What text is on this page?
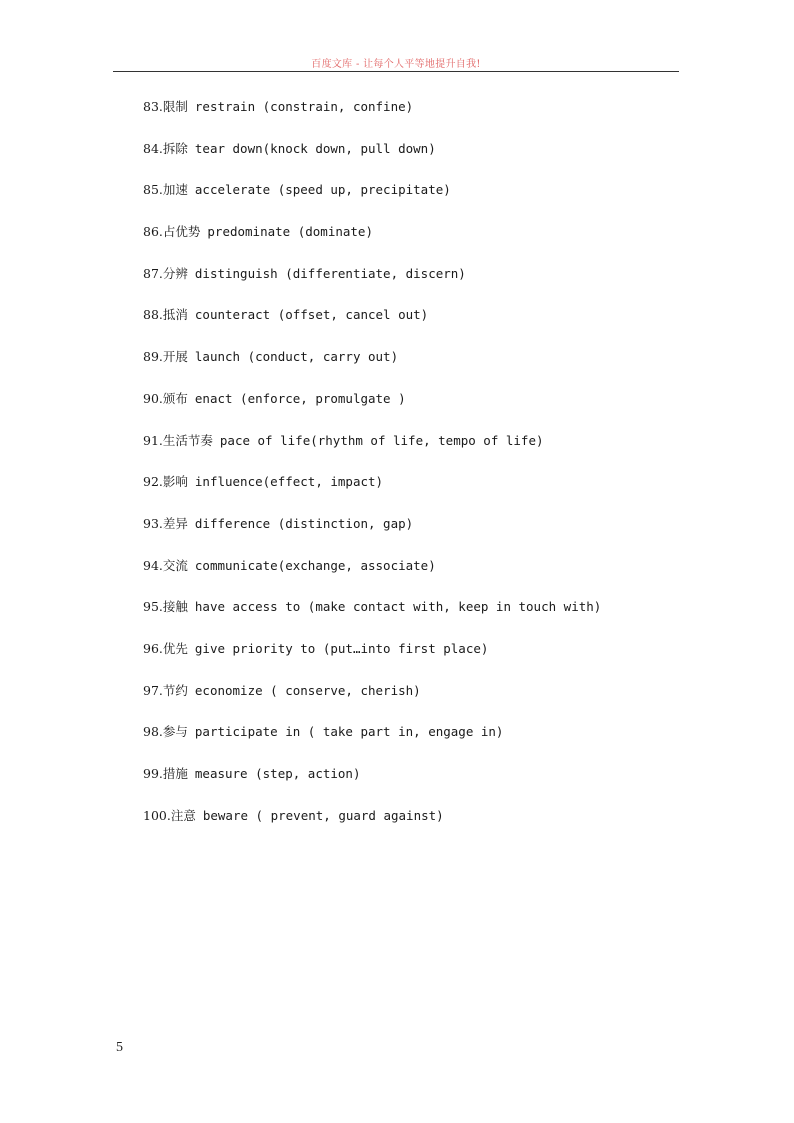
百度文库 - 让每个人平等地提升自我!
83.限制 restrain (constrain, confine)
84.拆除 tear down(knock down, pull down)
85.加速 accelerate (speed up, precipitate)
86.占优势 predominate (dominate)
87.分辨 distinguish (differentiate, discern)
88.抵消 counteract (offset, cancel out)
89.开展 launch (conduct, carry out)
90.颁布 enact (enforce, promulgate )
91.生活节奏 pace of life(rhythm of life, tempo of life)
92.影响 influence(effect, impact)
93.差异 difference (distinction, gap)
94.交流 communicate(exchange, associate)
95.接触 have access to (make contact with, keep in touch with)
96.优先 give priority to (put…into first place)
97.节约 economize ( conserve, cherish)
98.参与 participate in ( take part in, engage in)
99.措施 measure (step, action)
100.注意 beware ( prevent, guard against)
5
